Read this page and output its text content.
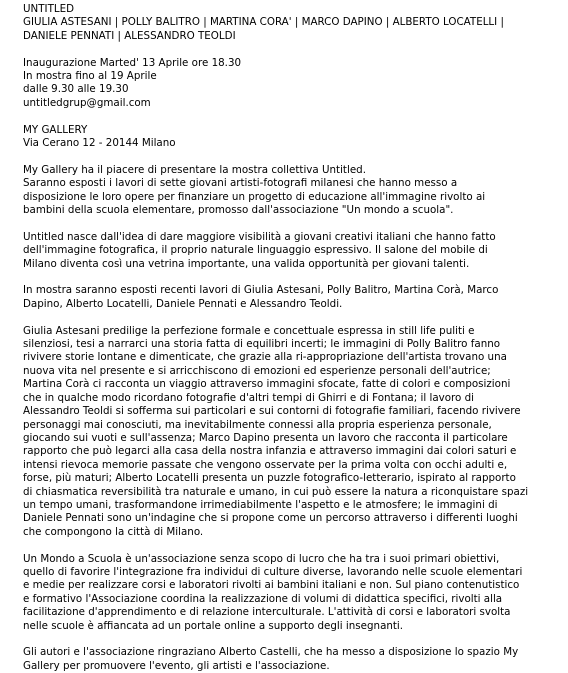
UNTITLED
GIULIA ASTESANI | POLLY BALITRO | MARTINA CORA' | MARCO DAPINO | ALBERTO LOCATELLI |
DANIELE PENNATI | ALESSANDRO TEOLDI
Inaugurazione Marted' 13 Aprile ore 18.30
In mostra fino al 19 Aprile
dalle 9.30 alle 19.30
untitledgrup@gmail.com
MY GALLERY
Via Cerano 12 - 20144 Milano
My Gallery ha il piacere di presentare la mostra collettiva Untitled.
Saranno esposti i lavori di sette giovani artisti-fotografi milanesi che hanno messo a
disposizione le loro opere per finanziare un progetto di educazione all'immagine rivolto ai
bambini della scuola elementare, promosso dall'associazione "Un mondo a scuola".
Untitled nasce dall'idea di dare maggiore visibilità a giovani creativi italiani che hanno fatto
dell'immagine fotografica, il proprio naturale linguaggio espressivo. Il salone del mobile di
Milano diventa così una vetrina importante, una valida opportunità per giovani talenti.
In mostra saranno esposti recenti lavori di Giulia Astesani, Polly Balitro, Martina Corà, Marco
Dapino, Alberto Locatelli, Daniele Pennati e Alessandro Teoldi.
Giulia Astesani predilige la perfezione formale e concettuale espressa in still life puliti e
silenziosi, tesi a narrarci una storia fatta di equilibri incerti; le immagini di Polly Balitro fanno
rivivere storie lontane e dimenticate, che grazie alla ri-appropriazione dell'artista trovano una
nuova vita nel presente e si arricchiscono di emozioni ed esperienze personali dell'autrice;
Martina Corà ci racconta un viaggio attraverso immagini sfocate, fatte di colori e composizioni
che in qualche modo ricordano fotografie d'altri tempi di Ghirri e di Fontana; il lavoro di
Alessandro Teoldi si sofferma sui particolari e sui contorni di fotografie familiari, facendo rivivere
personaggi mai conosciuti, ma inevitabilmente connessi alla propria esperienza personale,
giocando sui vuoti e sull'assenza; Marco Dapino presenta un lavoro che racconta il particolare
rapporto che può legarci alla casa della nostra infanzia e attraverso immagini dai colori saturi e
intensi rievoca memorie passate che vengono osservate per la prima volta con occhi adulti e,
forse, più maturi; Alberto Locatelli presenta un puzzle fotografico-letterario, ispirato al rapporto
di chiasmatica reversibilità tra naturale e umano, in cui può essere la natura a riconquistare spazi
un tempo umani, trasformandone irrimediabilmente l'aspetto e le atmosfere; le immagini di
Daniele Pennati sono un'indagine che si propone come un percorso attraverso i differenti luoghi
che compongono la città di Milano.
Un Mondo a Scuola è un'associazione senza scopo di lucro che ha tra i suoi primari obiettivi,
quello di favorire l'integrazione fra individui di culture diverse, lavorando nelle scuole elementari
e medie per realizzare corsi e laboratori rivolti ai bambini italiani e non. Sul piano contenutistico
e formativo l'Associazione coordina la realizzazione di volumi di didattica specifici, rivolti alla
facilitazione d'apprendimento e di relazione interculturale. L'attività di corsi e laboratori svolta
nelle scuole è affiancata ad un portale online a supporto degli insegnanti.
Gli autori e l'associazione ringraziano Alberto Castelli, che ha messo a disposizione lo spazio My
Gallery per promuovere l'evento, gli artisti e l'associazione.
